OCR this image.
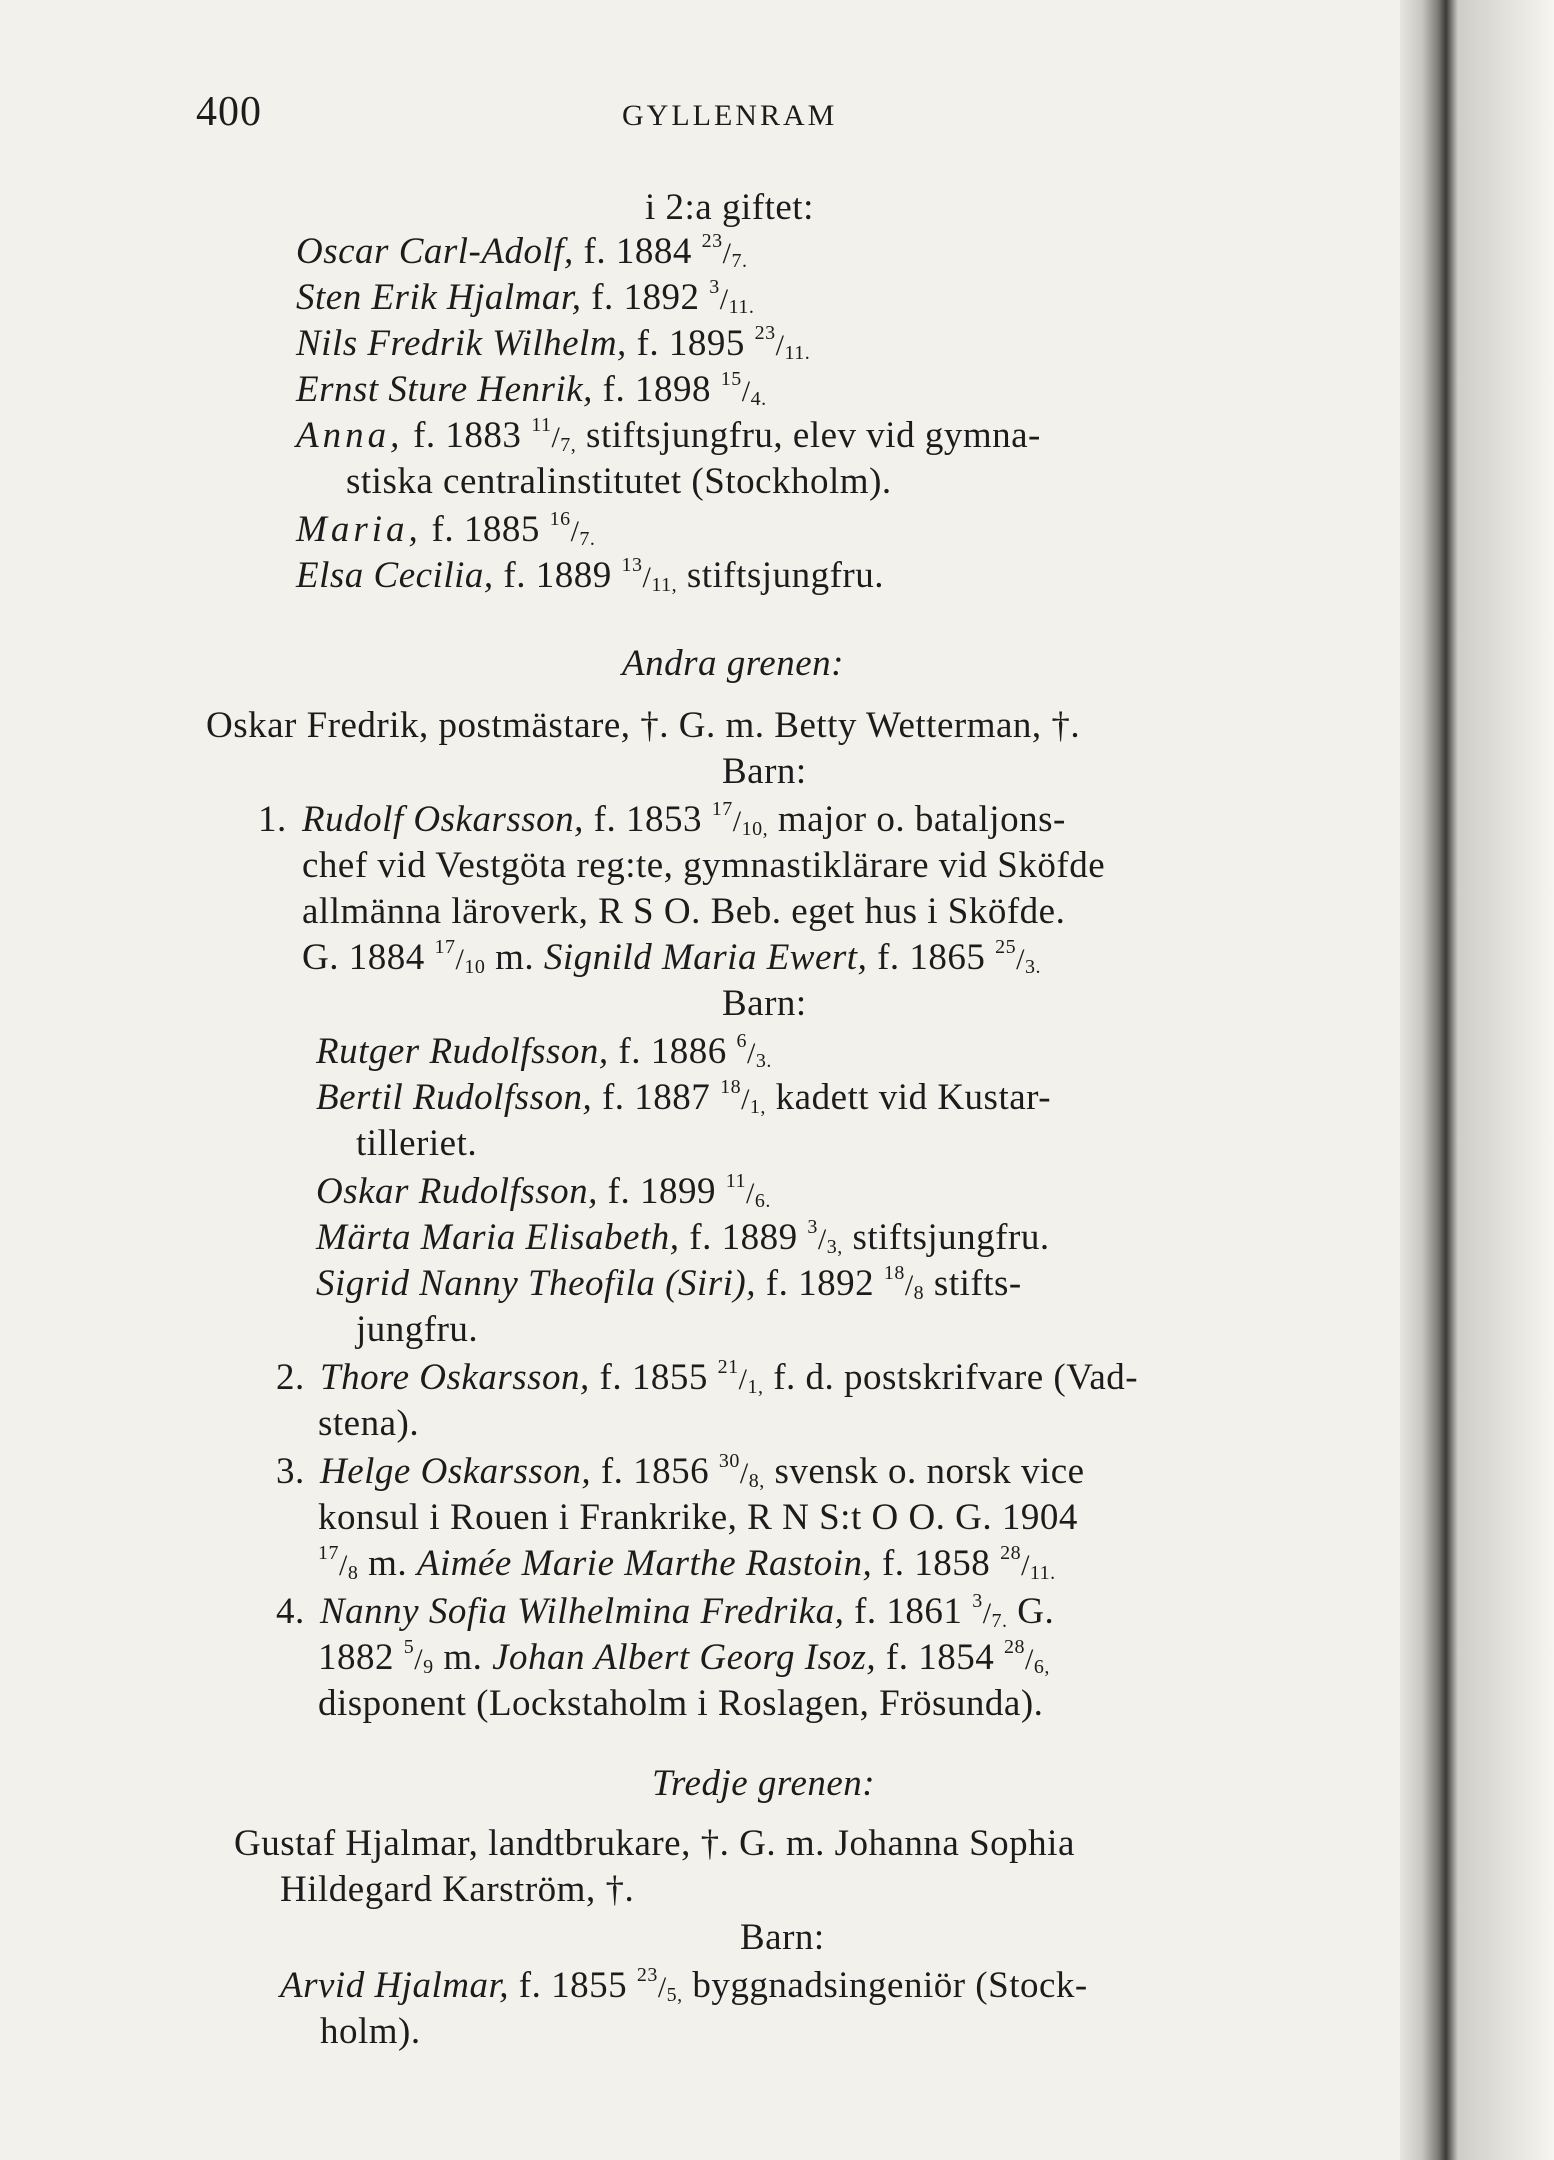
400	GYLLENRAM
i 2:a giftet:
Oscar Carl-Adolf, f. 1884 $^{23}/_{7.}$
Sten Erik Hjalmar, f. 1892 $^3/_{11.}$
Nils Fredrik Wilhelm, f. 1895 $^{23}/_{11.}$
Ernst Sture Henrik, f. 1898 $^{15}/_{4.}$
Anna, f. 1883 $^{11}/_{7,}$ stiftsjungfru, elev vid gymna-
stiska centralinstitutet (Stockholm).
Maria, f. 1885 $^{16}/_{7.}$
Elsa Cecilia, f. 1889 $^{13}/_{11,}$ stiftsjungfru.
Andra grenen:
Oskar Fredrik, postmästare, †. G. m. Betty Wetterman, †.
Barn:
1. Rudolf Oskarsson, f. 1853 $^{17}/_{10,}$ major o. bataljons-
chef vid Vestgöta reg:te, gymnastiklärare vid Sköfde
allmänna läroverk, R S O. Beb. eget hus i Sköfde.
G. 1884 $^{17}/_{10}$ m. Signild Maria Ewert, f. 1865 $^{25}/_{3.}$
Barn:
Rutger Rudolfsson, f. 1886 $^6/_{3.}$
Bertil Rudolfsson, f. 1887 $^{18}/_{1,}$ kadett vid Kustar-
tilleriet.
Oskar Rudolfsson, f. 1899 $^{11}/_{6.}$
Märta Maria Elisabeth, f. 1889 $^3/_{3,}$ stiftsjungfru.
Sigrid Nanny Theofila (Siri), f. 1892 $^{18}/_8$ stifts-
jungfru.
2. Thore Oskarsson, f. 1855 $^{21}/_{1,}$ f. d. postskrifvare (Vad-
stena).
3. Helge Oskarsson, f. 1856 $^{30}/_{8,}$ svensk o. norsk vice
konsul i Rouen i Frankrike, R N S:t O O. G. 1904
$^{17}/_8$ m. Aimée Marie Marthe Rastoin, f. 1858 $^{28}/_{11.}$
4. Nanny Sofia Wilhelmina Fredrika, f. 1861 $^3/_{7.}$ G.
1882 $^5/_9$ m. Johan Albert Georg Isoz, f. 1854 $^{28}/_{6,}$
disponent (Lockstaholm i Roslagen, Frösunda).
Tredje grenen:
Gustaf Hjalmar, landtbrukare, †. G. m. Johanna Sophia
Hildegard Karström, †.
Barn:
Arvid Hjalmar, f. 1855 $^{23}/_{5,}$ byggnadsingeniör (Stock-
holm).
